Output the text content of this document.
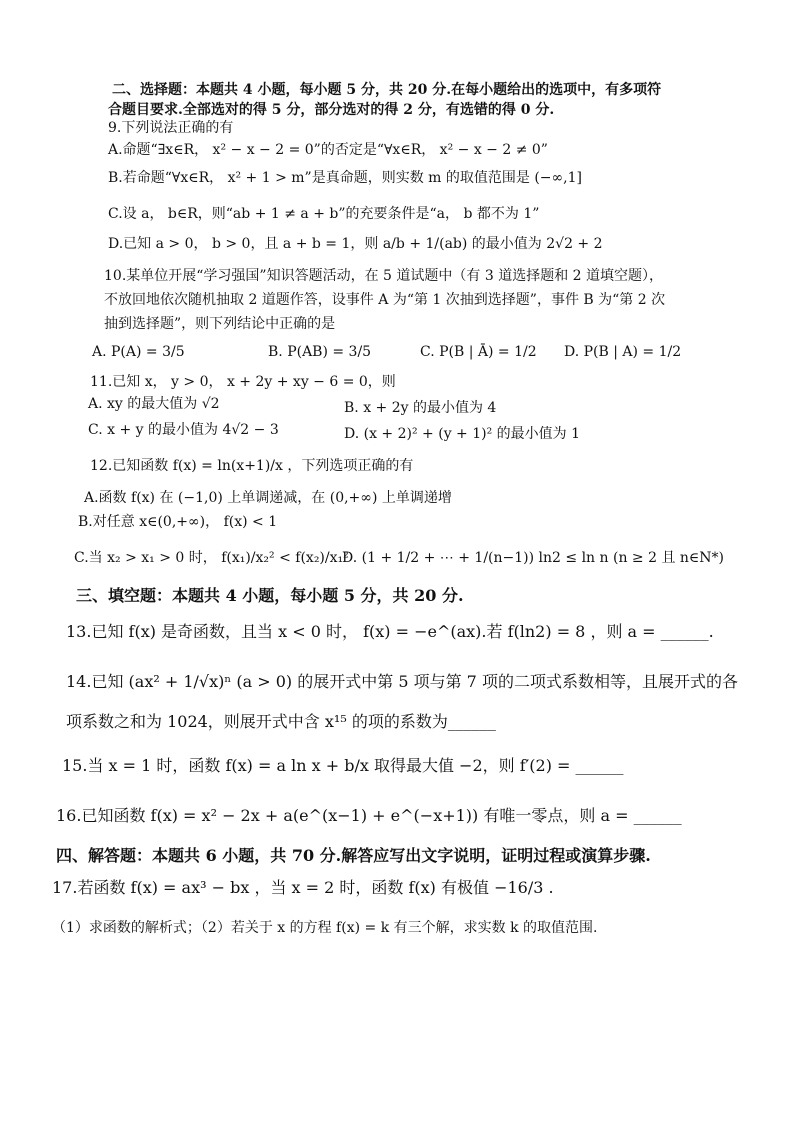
二、选择题：本题共 4 小题，每小题 5 分，共 20 分.在每小题给出的选项中，有多项符
合题目要求.全部选对的得 5 分，部分选对的得 2 分，有选错的得 0 分.
9.下列说法正确的有
A.命题“∃x∈R， x² − x − 2 = 0”的否定是“∀x∈R， x² − x − 2 ≠ 0”
B.若命题“∀x∈R， x² + 1 > m”是真命题，则实数 m 的取值范围是 (−∞,1]
C.设 a， b∈R，则“ab + 1 ≠ a + b”的充要条件是“a， b 都不为 1”
D.已知 a > 0， b > 0，且 a + b = 1，则 a/b + 1/(ab) 的最小值为 2√2 + 2
10.某单位开展“学习强国”知识答题活动，在 5 道试题中（有 3 道选择题和 2 道填空题），
不放回地依次随机抽取 2 道题作答，设事件 A 为“第 1 次抽到选择题”，事件 B 为“第 2 次
抽到选择题”，则下列结论中正确的是
A. P(A) = 3/5	B. P(AB) = 3/5	C. P(B | Ā) = 1/2 D. P(B | A) = 1/2
11.已知 x， y > 0， x + 2y + xy − 6 = 0，则
A. xy 的最大值为 √2	B. x + 2y 的最小值为 4
C. x + y 的最小值为 4√2 − 3	D. (x + 2)² + (y + 1)² 的最小值为 1
12.已知函数 f(x) = ln(x+1)/x ，下列选项正确的有
A.函数 f(x) 在 (−1,0) 上单调递减，在 (0,+∞) 上单调递增
B.对任意 x∈(0,+∞)， f(x) < 1
C.当 x₂ > x₁ > 0 时， f(x₁)/x₂² < f(x₂)/x₁²
D. (1 + 1/2 + ⋯ + 1/(n−1)) ln2 ≤ ln n (n ≥ 2 且 n∈N*)
三、填空题：本题共 4 小题，每小题 5 分，共 20 分.
13.已知 f(x) 是奇函数，且当 x < 0 时， f(x) = −e^(ax).若 f(ln2) = 8 ，则 a = ______.
14.已知 (ax² + 1/√x)ⁿ (a > 0) 的展开式中第 5 项与第 7 项的二项式系数相等，且展开式的各
项系数之和为 1024，则展开式中含 x¹⁵ 的项的系数为______
15.当 x = 1 时，函数 f(x) = a ln x + b/x 取得最大值 −2，则 f′(2) = ______
16.已知函数 f(x) = x² − 2x + a(e^(x−1) + e^(−x+1)) 有唯一零点，则 a = ______
四、解答题：本题共 6 小题，共 70 分.解答应写出文字说明，证明过程或演算步骤.
17.若函数 f(x) = ax³ − bx ，当 x = 2 时，函数 f(x) 有极值 −16/3 .
（1）求函数的解析式；（2）若关于 x 的方程 f(x) = k 有三个解，求实数 k 的取值范围.
